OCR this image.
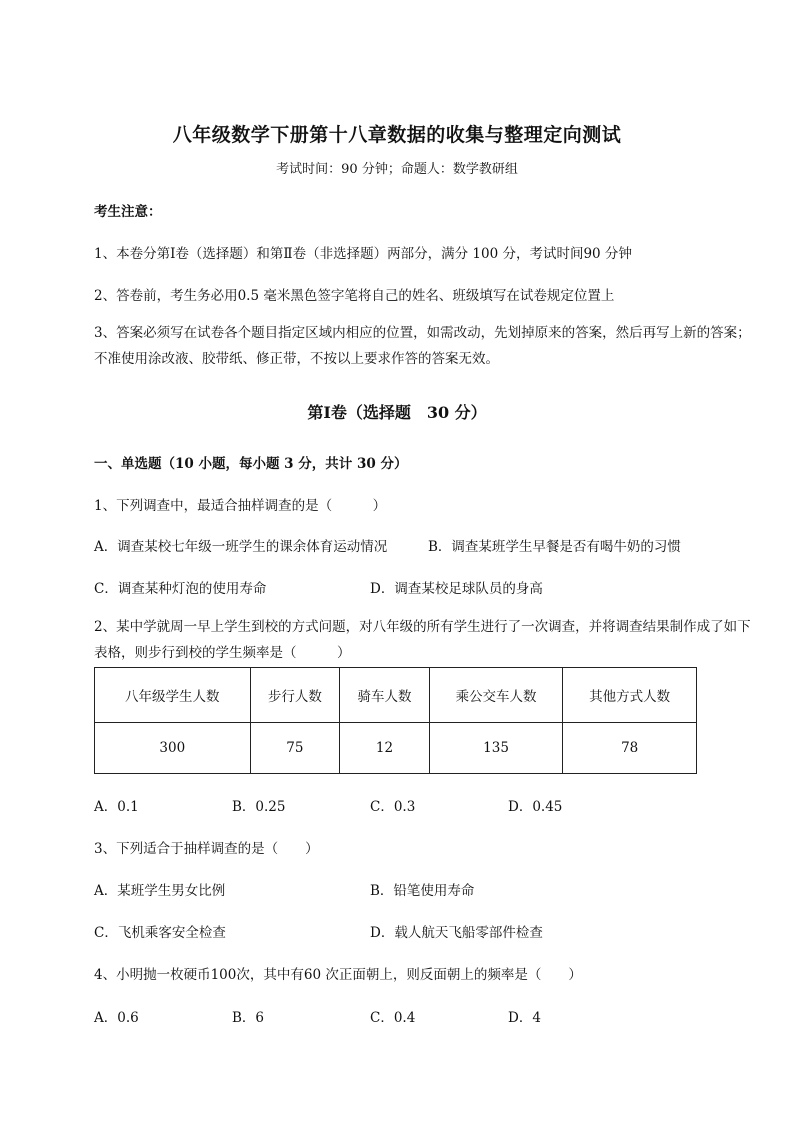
八年级数学下册第十八章数据的收集与整理定向测试
考试时间：90 分钟；命题人：数学教研组
考生注意：
1、本卷分第Ⅰ卷（选择题）和第Ⅱ卷（非选择题）两部分，满分 100 分，考试时间90 分钟
2、答卷前，考生务必用0.5 毫米黑色签字笔将自己的姓名、班级填写在试卷规定位置上
3、答案必须写在试卷各个题目指定区域内相应的位置，如需改动，先划掉原来的答案，然后再写上新的答案；不准使用涂改液、胶带纸、修正带，不按以上要求作答的答案无效。
第Ⅰ卷（选择题　30 分）
一、单选题（10 小题，每小题 3 分，共计 30 分）
1、下列调查中，最适合抽样调查的是（　　　）
A．调查某校七年级一班学生的课余体育运动情况	B．调查某班学生早餐是否有喝牛奶的习惯
C．调查某种灯泡的使用寿命	D．调查某校足球队员的身高
2、某中学就周一早上学生到校的方式问题，对八年级的所有学生进行了一次调查，并将调查结果制作成了如下表格，则步行到校的学生频率是（　　　）
八年级学生人数	步行人数	骑车人数	乘公交车人数	其他方式人数
300	75	12	135	78
A．0.1	B．0.25	C．0.3	D．0.45
3、下列适合于抽样调查的是（　　）
A．某班学生男女比例	B．铅笔使用寿命
C．飞机乘客安全检查	D．载人航天飞船零部件检查
4、小明抛一枚硬币100次，其中有60 次正面朝上，则反面朝上的频率是（　　）
A．0.6	B．6	C．0.4	D．4
